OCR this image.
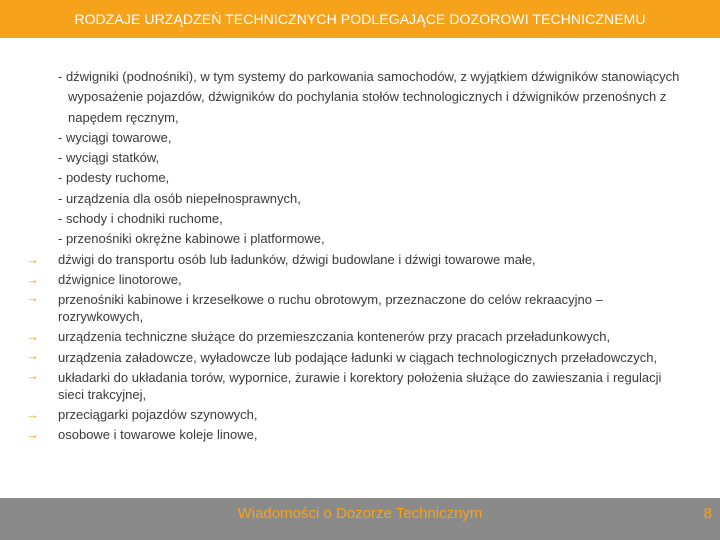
RODZAJE URZĄDZEŃ TECHNICZNYCH PODLEGAJĄCE DOZOROWI TECHNICZNEMU
- dźwigniki (podnośniki), w tym systemy do parkowania samochodów, z wyjątkiem dźwigników stanowiących wyposażenie pojazdów, dźwigników do pochylania stołów technologicznych i dźwigników przenośnych z napędem ręcznym,
- wyciągi towarowe,
- wyciągi statków,
- podesty ruchome,
- urządzenia dla osób niepełnosprawnych,
- schody i chodniki ruchome,
- przenośniki okrężne kabinowe i platformowe,
→ dźwigi do transportu osób lub ładunków, dźwigi budowlane i dźwigi towarowe małe,
→ dźwignice linotorowe,
→ przenośniki kabinowe i krzesełkowe o ruchu obrotowym, przeznaczone do celów rekraacyjno – rozrywkowych,
→ urządzenia techniczne służące do przemieszczania kontenerów przy pracach przeładunkowych,
→ urządzenia załadowcze, wyładowcze lub podające ładunki w ciągach technologicznych przeładowczych,
→ układarki do układania torów, wypornice, żurawie i korektory położenia służące do zawieszania i regulacji sieci trakcyjnej,
→ przeciągarki pojazdów szynowych,
→ osobowe i towarowe koleje linowe,
Wiadomości o Dozorze Technicznym	8
